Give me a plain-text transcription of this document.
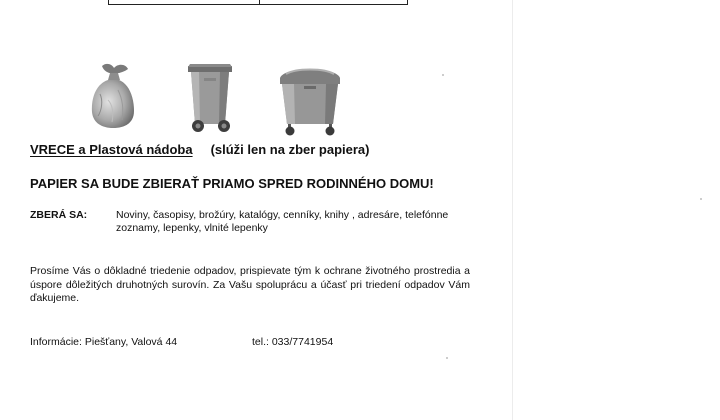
VRECE a Plastová nádoba (slúži len na zber papiera)
PAPIER SA BUDE ZBIERAŤ PRIAMO SPRED RODINNÉHO DOMU!
ZBERÁ SA:	Noviny, časopisy, brožúry, katalógy, cenníky, knihy , adresáre, telefónne zoznamy, lepenky, vlnité lepenky
Prosíme Vás o dôkladné triedenie odpadov, prispievate tým k ochrane životného prostredia a úspore dôležitých druhotných surovín. Za Vašu spoluprácu a účasť pri triedení odpadov Vám ďakujeme.
Informácie: Piešťany, Valová 44	tel.: 033/7741954
